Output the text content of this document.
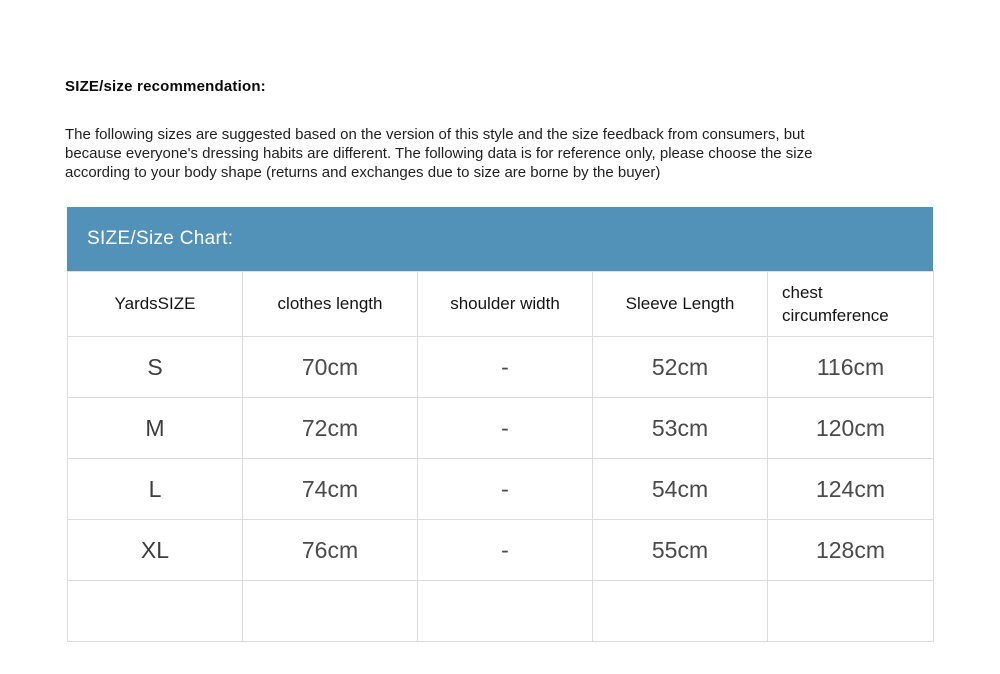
SIZE/size recommendation:
The following sizes are suggested based on the version of this style and the size feedback from consumers, but
because everyone's dressing habits are different. The following data is for reference only, please choose the size
according to your body shape (returns and exchanges due to size are borne by the buyer)
SIZE/Size Chart:
YardsSIZE	clothes length	shoulder width	Sleeve Length	chest circumference
S	70cm	-	52cm	116cm
M	72cm	-	53cm	120cm
L	74cm	-	54cm	124cm
XL	76cm	-	55cm	128cm
